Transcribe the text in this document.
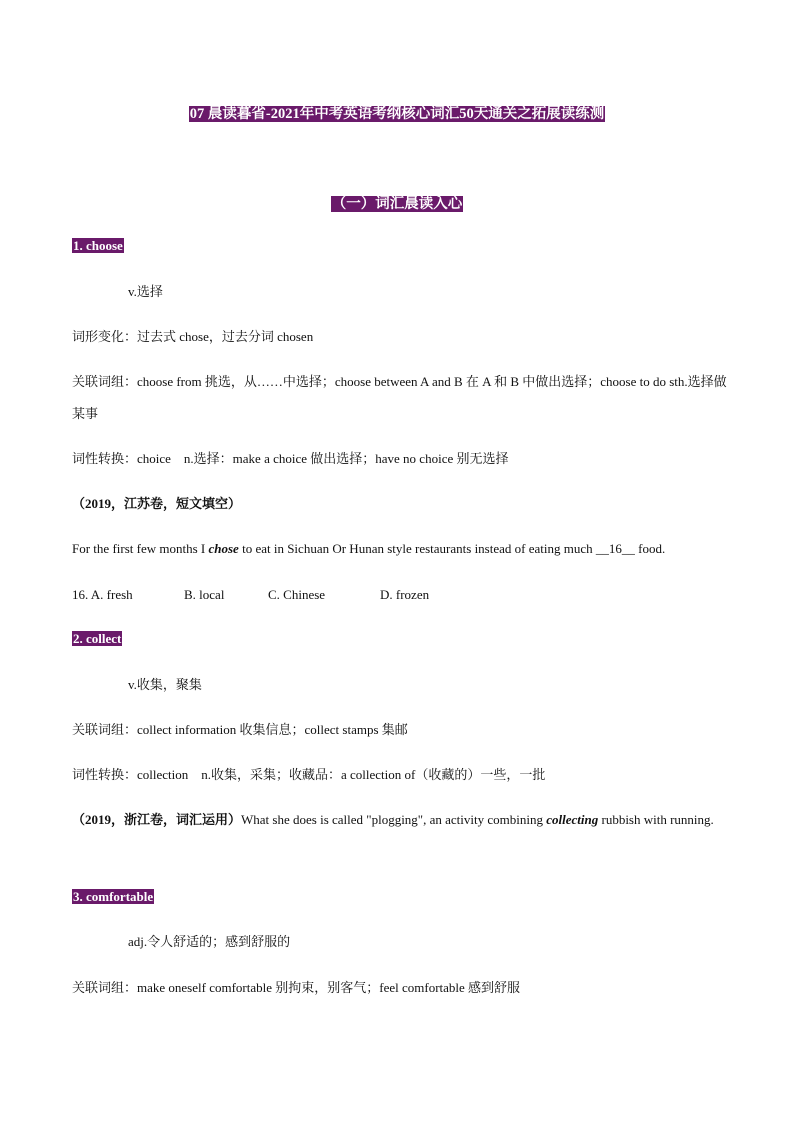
07 晨读暮省-2021年中考英语考纲核心词汇50天通关之拓展读练测
（一）词汇晨读入心
1. choose
v.选择
词形变化：过去式 chose，过去分词 chosen
关联词组：choose from 挑选，从……中选择；choose between A and B 在 A 和 B 中做出选择；choose to do sth.选择做某事
词性转换：choice　n.选择：make a choice 做出选择；have no choice 别无选择
（2019，江苏卷，短文填空）
For the first few months I chose to eat in Sichuan Or Hunan style restaurants instead of eating much __16__ food.
16. A. fresh	B. local	C. Chinese	D. frozen
2. collect
v.收集，聚集
关联词组：collect information 收集信息；collect stamps 集邮
词性转换：collection　n.收集，采集；收藏品：a collection of（收藏的）一些，一批
（2019，浙江卷，词汇运用）What she does is called "plogging", an activity combining collecting rubbish with running.
3. comfortable
adj.令人舒适的；感到舒服的
关联词组：make oneself comfortable 别拘束，别客气；feel comfortable 感到舒服
